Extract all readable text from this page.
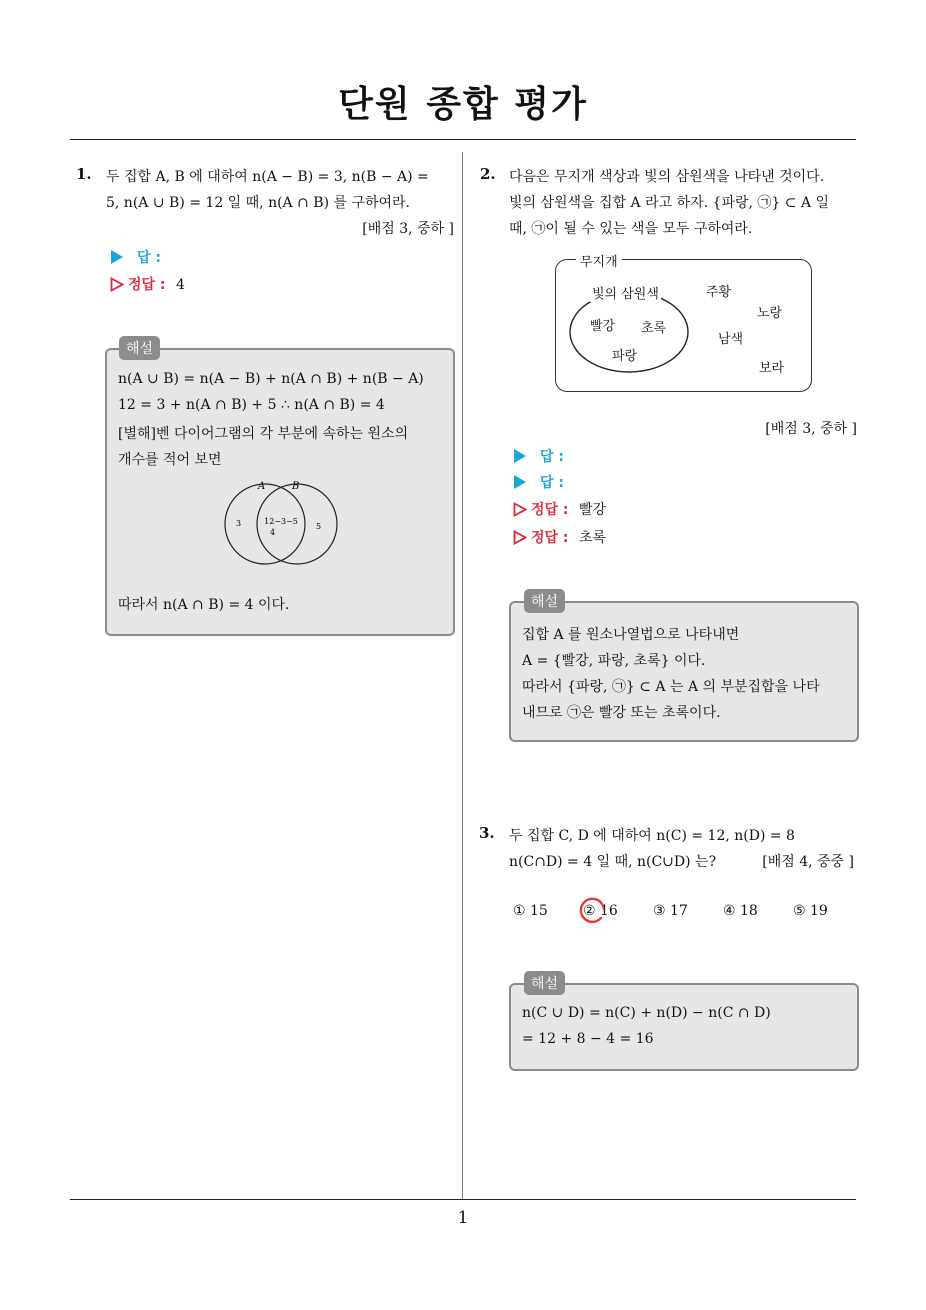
단원 종합 평가
1
1. 두 집합 A, B 에 대하여 n(A − B) = 3, n(B − A) =
5, n(A ∪ B) = 12 일 때, n(A ∩ B) 를 구하여라.
[배점 3, 중하 ]
답 :
정답 : 4
해설
n(A ∪ B) = n(A − B) + n(A ∩ B) + n(B − A)
12 = 3 + n(A ∩ B) + 5 ∴ n(A ∩ B) = 4
[별해]벤 다이어그램의 각 부분에 속하는 원소의
개수를 적어 보면
A	B
3	12−3−5
4
5
따라서 n(A ∩ B) = 4 이다.
2. 다음은 무지개 색상과 빛의 삼원색을 나타낸 것이다.
빛의 삼원색을 집합 A 라고 하자. {파랑, ㉠} ⊂ A 일
때, ㉠이 될 수 있는 색을 모두 구하여라.
무지개
빛의 삼원색
빨강 초록
파랑
주황
노랑
남색
보라
[배점 3, 중하 ]
답 :
답 :
정답 : 빨강
정답 : 초록
해설
집합 A 를 원소나열법으로 나타내면
A = {빨강, 파랑, 초록} 이다.
따라서 {파랑, ㉠} ⊂ A 는 A 의 부분집합을 나타
내므로 ㉠은 빨강 또는 초록이다.
3. 두 집합 C, D 에 대하여 n(C) = 12, n(D) = 8
n(C∩D) = 4 일 때, n(C∪D) 는?	[배점 4, 중중 ]
① 15	② 16	③ 17	④ 18	⑤ 19
해설
n(C ∪ D) = n(C) + n(D) − n(C ∩ D)
= 12 + 8 − 4 = 16
